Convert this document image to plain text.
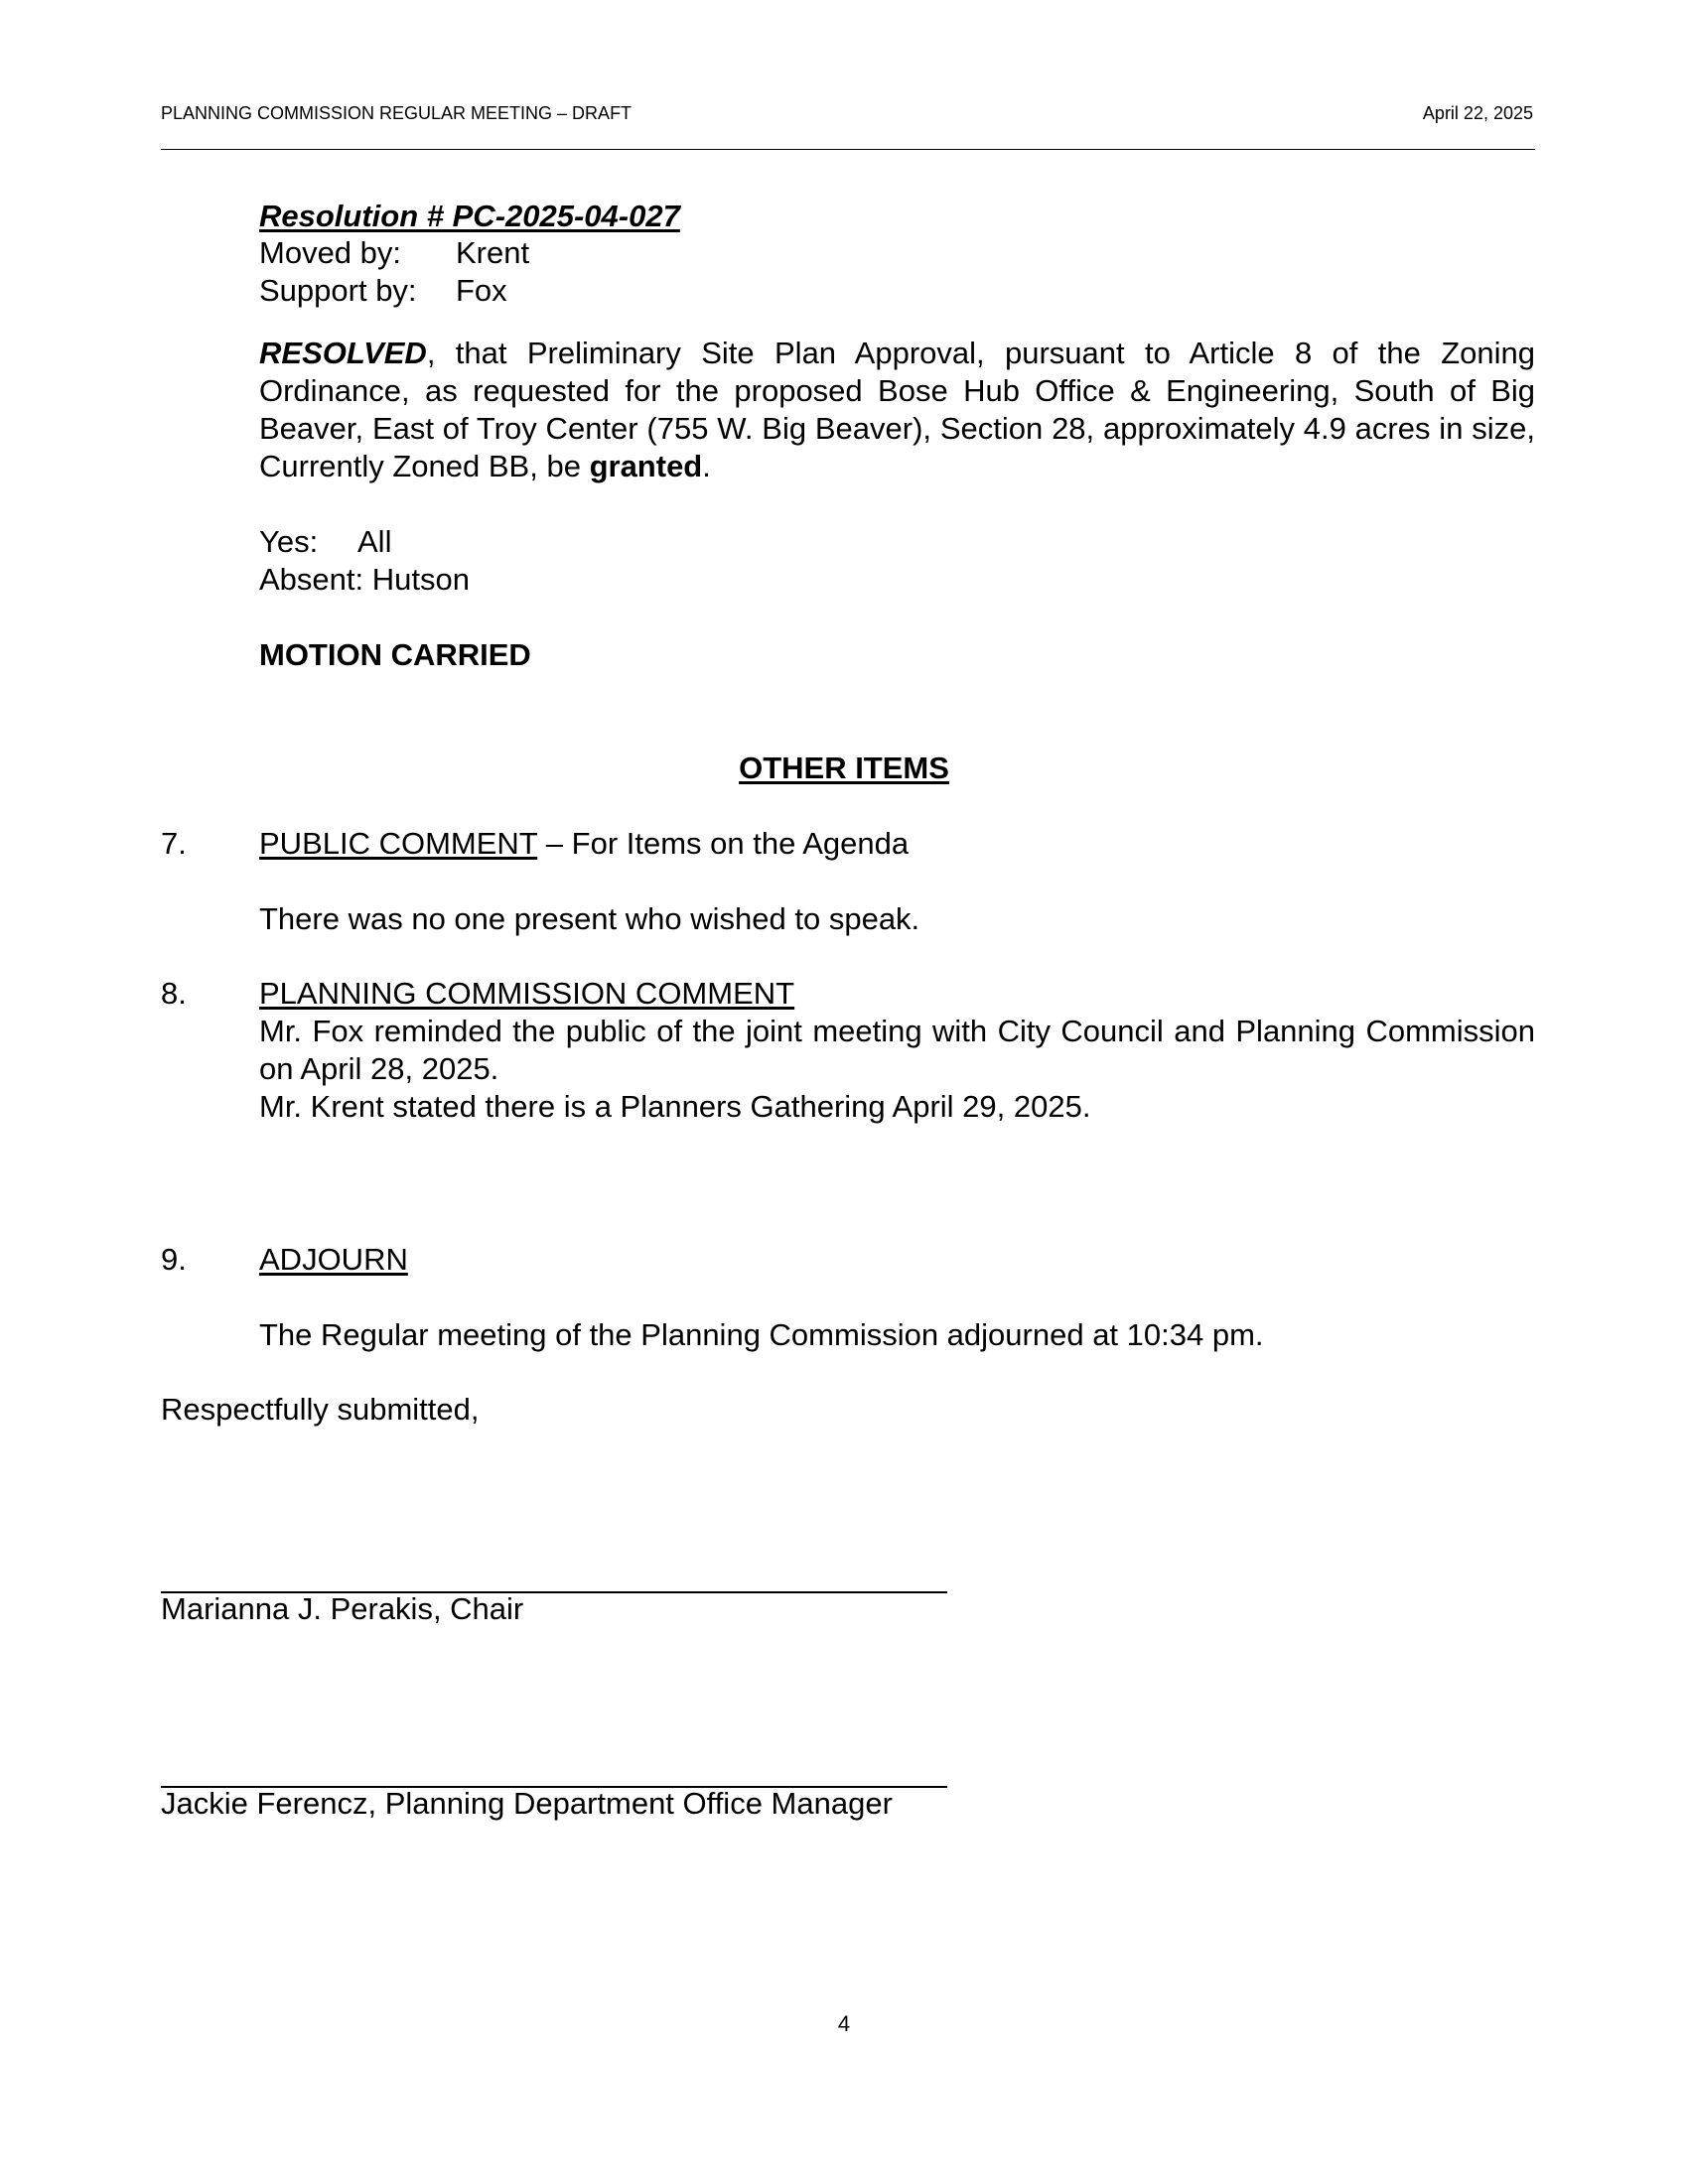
PLANNING COMMISSION REGULAR MEETING – DRAFT	April 22, 2025
Resolution # PC-2025-04-027
Moved by: Krent
Support by: Fox
RESOLVED, that Preliminary Site Plan Approval, pursuant to Article 8 of the Zoning Ordinance, as requested for the proposed Bose Hub Office & Engineering, South of Big Beaver, East of Troy Center (755 W. Big Beaver), Section 28, approximately 4.9 acres in size, Currently Zoned BB, be granted.
Yes: All
Absent: Hutson
MOTION CARRIED
OTHER ITEMS
7. PUBLIC COMMENT – For Items on the Agenda
There was no one present who wished to speak.
8. PLANNING COMMISSION COMMENT
Mr. Fox reminded the public of the joint meeting with City Council and Planning Commission on April 28, 2025.
Mr. Krent stated there is a Planners Gathering April 29, 2025.
9. ADJOURN
The Regular meeting of the Planning Commission adjourned at 10:34 pm.
Respectfully submitted,
Marianna J. Perakis, Chair
Jackie Ferencz, Planning Department Office Manager
4
